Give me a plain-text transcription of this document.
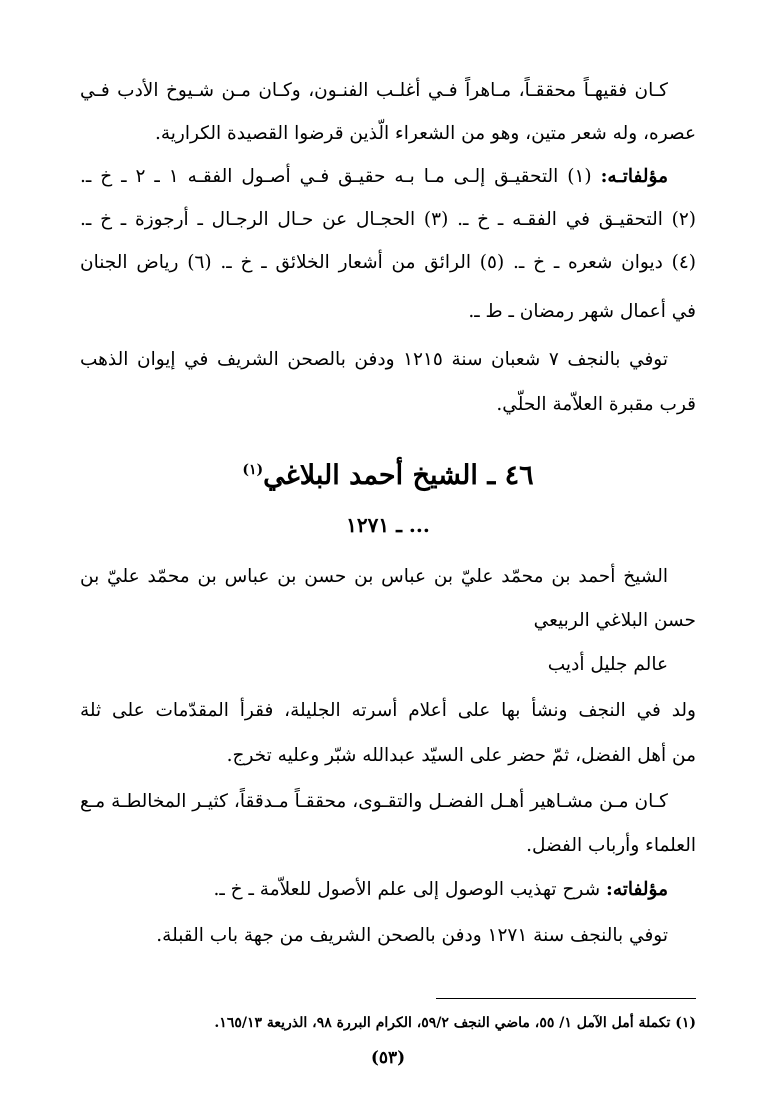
كـان فقيهـاً محققـاً، مـاهراً فـي أغلـب الفنـون، وكـان مـن شـيوخ الأدب فـي
عصره، وله شعر متين، وهو من الشعراء الّذين قرضوا القصيدة الكرارية.
مؤلفاتـه: (١) التحقيـق إلـى مـا بـه حقيـق فـي أصـول الفقـه ١ ـ ٢ ـ خ ـ.
(٢) التحقيـق في الفقـه ـ خ ـ. (٣) الحجـال عن حـال الرجـال ـ أرجوزة ـ خ ـ.
(٤) ديوان شعره ـ خ ـ. (٥) الرائق من أشعار الخلائق ـ خ ـ. (٦) رياض الجنان
في أعمال شهر رمضان ـ ط ـ.
توفي بالنجف ٧ شعبان سنة ١٢١٥ ودفن بالصحن الشريف في إيوان الذهب
قرب مقبرة العلاّمة الحلّي.
٤٦ ـ الشيخ أحمد البلاغي$^{(١)}$
... ـ ١٢٧١
الشيخ أحمد بن محمّد عليّ بن عباس بن حسن بن عباس بن محمّد عليّ بن
حسن البلاغي الربيعي
عالم جليل أديب
ولد في النجف ونشأ بها على أعلام أسرته الجليلة، فقرأ المقدّمات على ثلة
من أهل الفضل، ثمّ حضر على السيّد عبدالله شبّر وعليه تخرج.
كـان مـن مشـاهير أهـل الفضـل والتقـوى، محققـاً مـدققاً، كثيـر المخالطـة مـع
العلماء وأرباب الفضل.
مؤلفاته: شرح تهذيب الوصول إلى علم الأصول للعلاّمة ـ خ ـ.
توفي بالنجف سنة ١٢٧١ ودفن بالصحن الشريف من جهة باب القبلة.
(١) تكملة أمل الآمل ١/ ٥٥، ماضي النجف ٥٩/٢، الكرام البررة ٩٨، الذريعة ١٦٥/١٣.
(٥٣)
